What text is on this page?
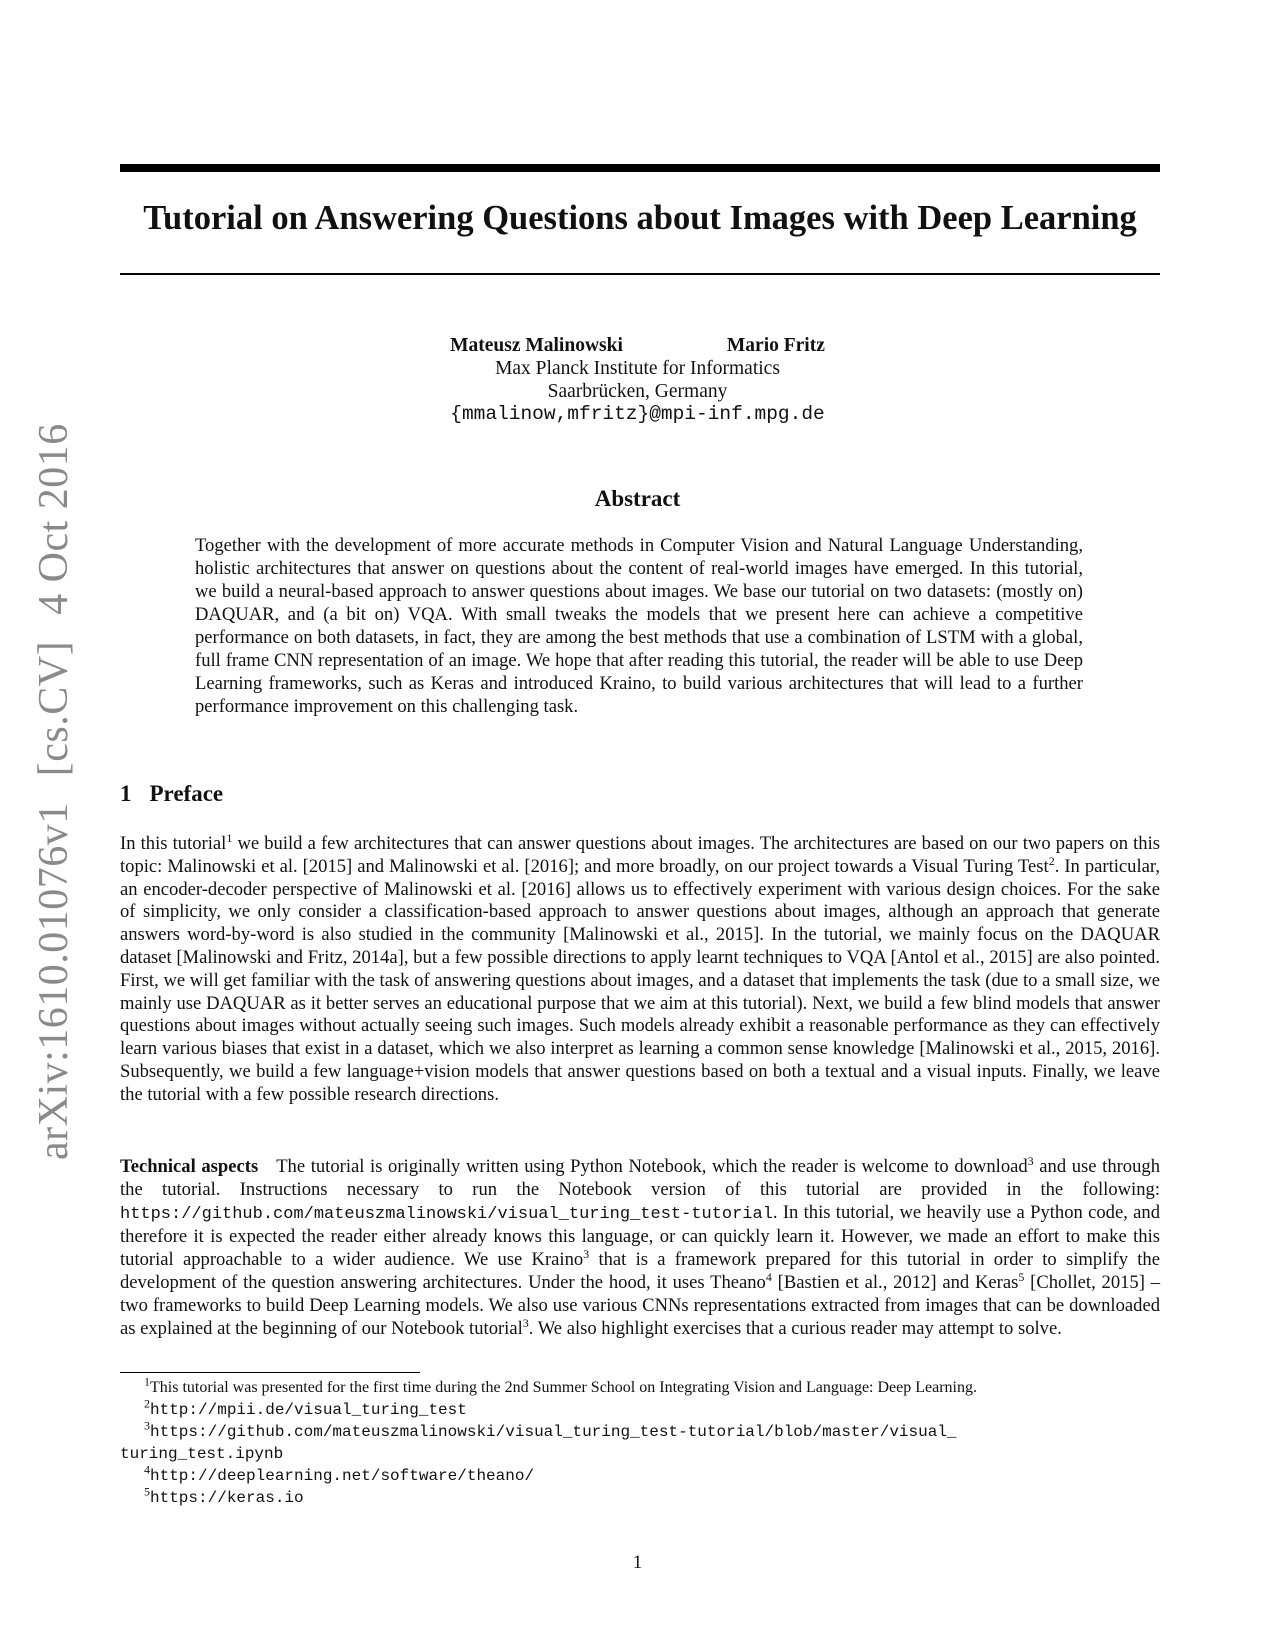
arXiv:1610.01076v1[cs.CV]4 Oct 2016
Tutorial on Answering Questions about Images with Deep Learning
Mateusz Malinowski	Mario Fritz
Max Planck Institute for Informatics
Saarbrücken, Germany
{mmalinow,mfritz}@mpi-inf.mpg.de
Abstract

Together with the development of more accurate methods in Computer Vision and Natural Language Understanding, holistic architectures that answer on questions about the content of real-world images have emerged. In this tutorial, we build a neural-based approach to answer questions about images. We base our tutorial on two datasets: (mostly on) DAQUAR, and (a bit on) VQA. With small tweaks the models that we present here can achieve a competitive performance on both datasets, in fact, they are among the best methods that use a combination of LSTM with a global, full frame CNN representation of an image. We hope that after reading this tutorial, the reader will be able to use Deep Learning frameworks, such as Keras and introduced Kraino, to build various architectures that will lead to a further performance improvement on this challenging task.

1 Preface

In this tutorial$^1$ we build a few architectures that can answer questions about images. The architectures are based on our two papers on this topic: Malinowski et al. [2015] and Malinowski et al. [2016]; and more broadly, on our project towards a Visual Turing Test$^2$. In particular, an encoder-decoder perspective of Malinowski et al. [2016] allows us to effectively experiment with various design choices. For the sake of simplicity, we only consider a classification-based approach to answer questions about images, although an approach that generate answers word-by-word is also studied in the community [Malinowski et al., 2015]. In the tutorial, we mainly focus on the DAQUAR dataset [Malinowski and Fritz, 2014a], but a few possible directions to apply learnt techniques to VQA [Antol et al., 2015] are also pointed. First, we will get familiar with the task of answering questions about images, and a dataset that implements the task (due to a small size, we mainly use DAQUAR as it better serves an educational purpose that we aim at this tutorial). Next, we build a few blind models that answer questions about images without actually seeing such images. Such models already exhibit a reasonable performance as they can effectively learn various biases that exist in a dataset, which we also interpret as learning a common sense knowledge [Malinowski et al., 2015, 2016]. Subsequently, we build a few language+vision models that answer questions based on both a textual and a visual inputs. Finally, we leave the tutorial with a few possible research directions.

Technical aspects The tutorial is originally written using Python Notebook, which the reader is welcome to download$^3$ and use through the tutorial. Instructions necessary to run the Notebook version of this tutorial are provided in the following: https://github.com/mateuszmalinowski/visual_turing_test-tutorial. In this tutorial, we heavily use a Python code, and therefore it is expected the reader either already knows this language, or can quickly learn it. However, we made an effort to make this tutorial approachable to a wider audience. We use Kraino$^3$ that is a framework prepared for this tutorial in order to simplify the development of the question answering architectures. Under the hood, it uses Theano$^4$ [Bastien et al., 2012] and Keras$^5$ [Chollet, 2015] – two frameworks to build Deep Learning models. We also use various CNNs representations extracted from images that can be downloaded as explained at the beginning of our Notebook tutorial$^3$. We also highlight exercises that a curious reader may attempt to solve.

$^1$This tutorial was presented for the first time during the 2nd Summer School on Integrating Vision and Language: Deep Learning.

$^2$http://mpii.de/visual_turing_test

$^3$https://github.com/mateuszmalinowski/visual_turing_test-tutorial/blob/master/visual_

turing_test.ipynb

$^4$http://deeplearning.net/software/theano/

$^5$https://keras.io

1
